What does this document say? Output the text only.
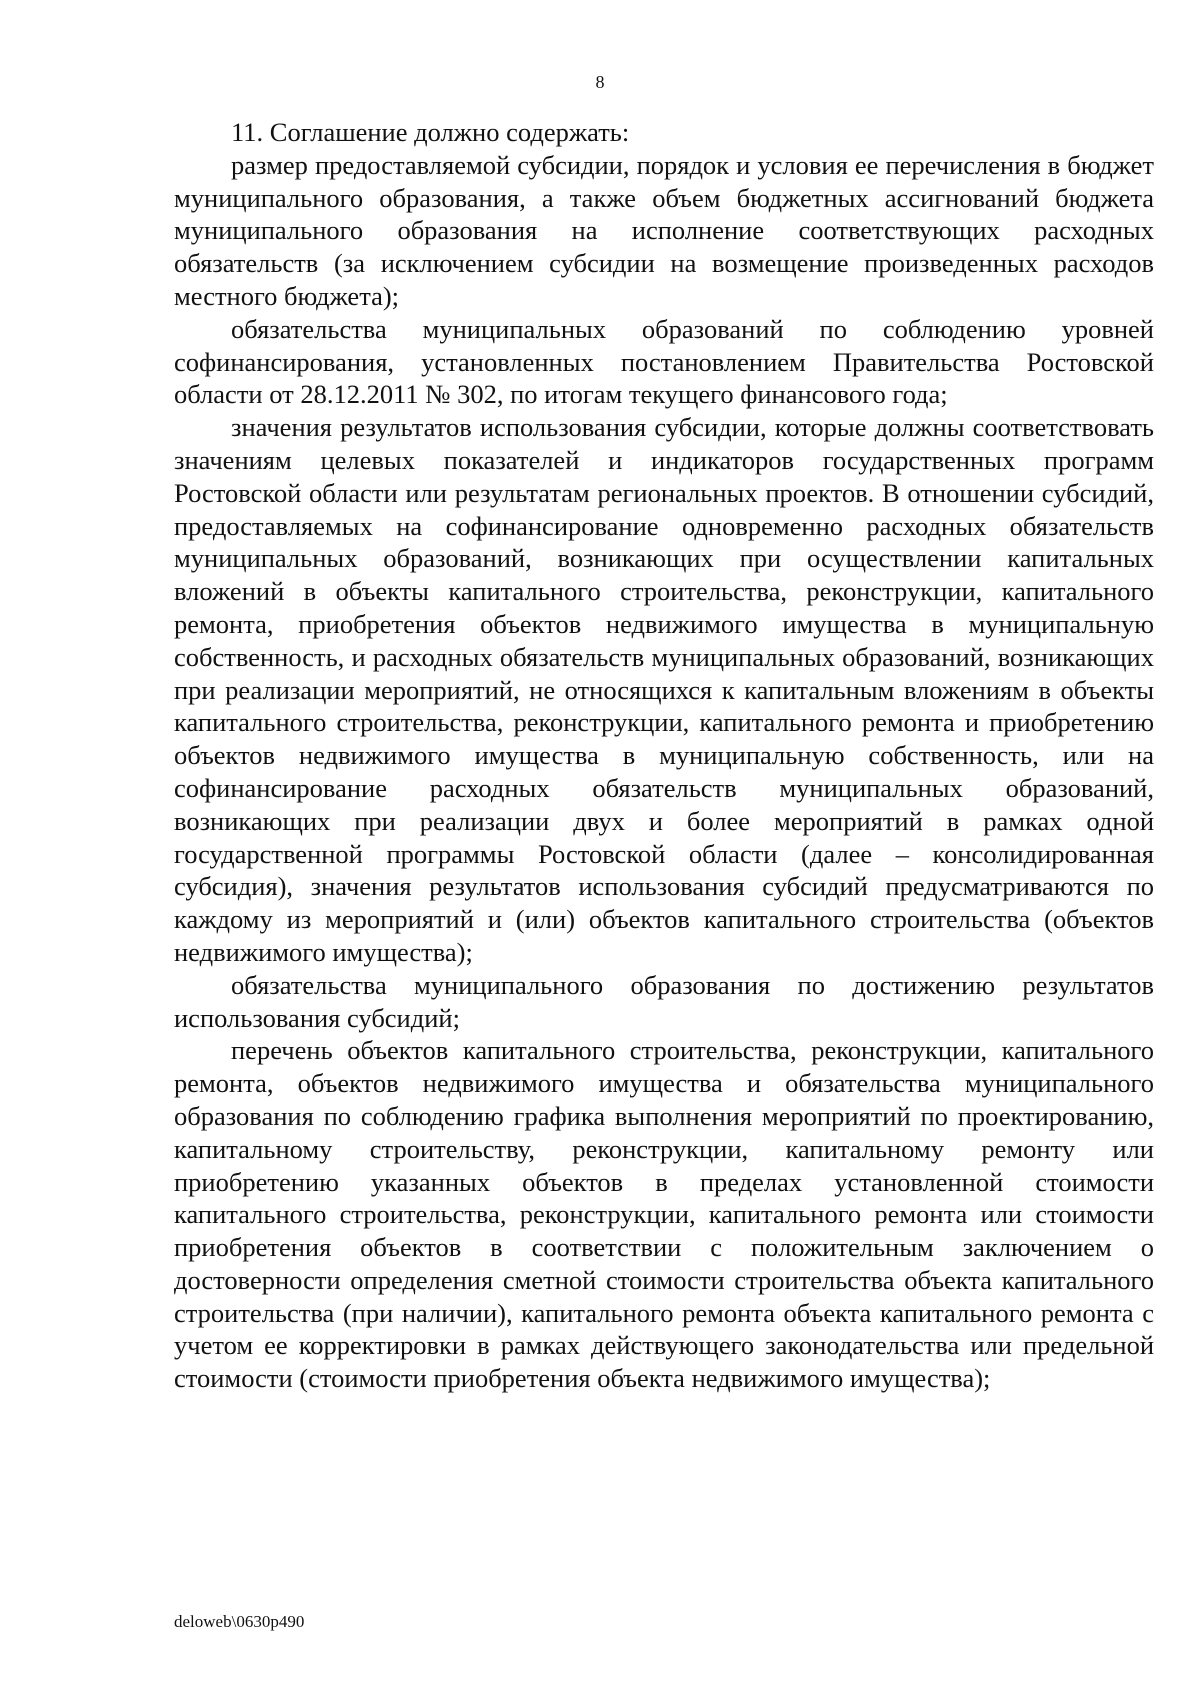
8

11. Соглашение должно содержать:

размер предоставляемой субсидии, порядок и условия ее перечисления в бюджет муниципального образования, а также объем бюджетных ассигнований бюджета муниципального образования на исполнение соответствующих расходных обязательств (за исключением субсидии на возмещение произведенных расходов местного бюджета);

обязательства муниципальных образований по соблюдению уровней софинансирования, установленных постановлением Правительства Ростовской области от 28.12.2011 № 302, по итогам текущего финансового года;

значения результатов использования субсидии, которые должны соответствовать значениям целевых показателей и индикаторов государственных программ Ростовской области или результатам региональных проектов. В отношении субсидий, предоставляемых на софинансирование одновременно расходных обязательств муниципальных образований, возникающих при осуществлении капитальных вложений в объекты капитального строительства, реконструкции, капитального ремонта, приобретения объектов недвижимого имущества в муниципальную собственность, и расходных обязательств муниципальных образований, возникающих при реализации мероприятий, не относящихся к капитальным вложениям в объекты капитального строительства, реконструкции, капитального ремонта и приобретению объектов недвижимого имущества в муниципальную собственность, или на софинансирование расходных обязательств муниципальных образований, возникающих при реализации двух и более мероприятий в рамках одной государственной программы Ростовской области (далее – консолидированная субсидия), значения результатов использования субсидий предусматриваются по каждому из мероприятий и (или) объектов капитального строительства (объектов недвижимого имущества);

обязательства муниципального образования по достижению результатов использования субсидий;

перечень объектов капитального строительства, реконструкции, капитального ремонта, объектов недвижимого имущества и обязательства муниципального образования по соблюдению графика выполнения мероприятий по проектированию, капитальному строительству, реконструкции, капитальному ремонту или приобретению указанных объектов в пределах установленной стоимости капитального строительства, реконструкции, капитального ремонта или стоимости приобретения объектов в соответствии с положительным заключением о достоверности определения сметной стоимости строительства объекта капитального строительства (при наличии), капитального ремонта объекта капитального ремонта с учетом ее корректировки в рамках действующего законодательства или предельной стоимости (стоимости приобретения объекта недвижимого имущества);

deloweb\0630p490
